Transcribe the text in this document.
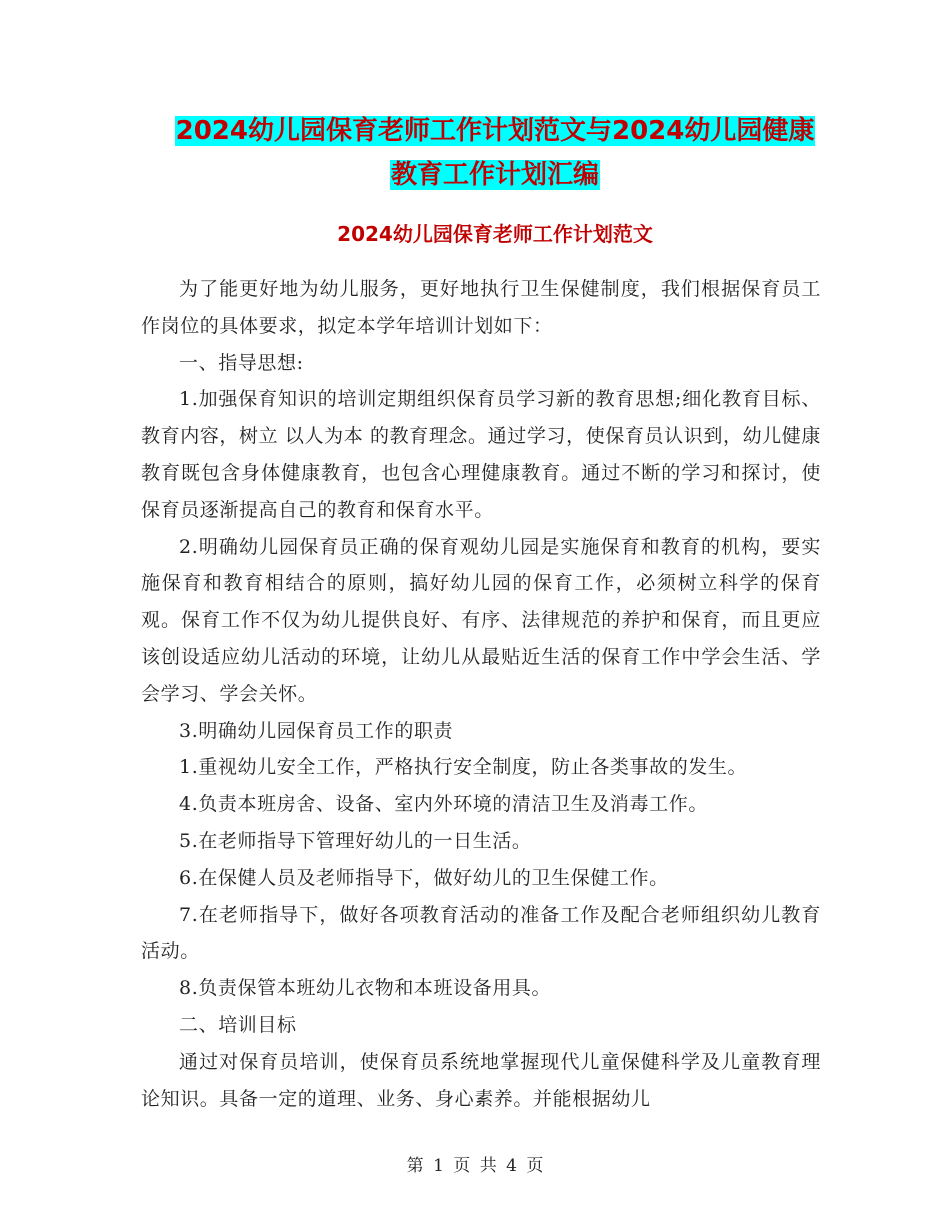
2024幼儿园保育老师工作计划范文与2024幼儿园健康
教育工作计划汇编
2024幼儿园保育老师工作计划范文

为了能更好地为幼儿服务，更好地执行卫生保健制度，我们根据保育员工作岗位的具体要求，拟定本学年培训计划如下：

一、指导思想:

1.加强保育知识的培训定期组织保育员学习新的教育思想;细化教育目标、教育内容，树立 以人为本 的教育理念。通过学习，使保育员认识到，幼儿健康教育既包含身体健康教育，也包含心理健康教育。通过不断的学习和探讨，使保育员逐渐提高自己的教育和保育水平。

2.明确幼儿园保育员正确的保育观幼儿园是实施保育和教育的机构，要实施保育和教育相结合的原则，搞好幼儿园的保育工作，必须树立科学的保育观。保育工作不仅为幼儿提供良好、有序、法律规范的养护和保育，而且更应该创设适应幼儿活动的环境，让幼儿从最贴近生活的保育工作中学会生活、学会学习、学会关怀。

3.明确幼儿园保育员工作的职责

1.重视幼儿安全工作，严格执行安全制度，防止各类事故的发生。

4.负责本班房舍、设备、室内外环境的清洁卫生及消毒工作。

5.在老师指导下管理好幼儿的一日生活。

6.在保健人员及老师指导下，做好幼儿的卫生保健工作。

7.在老师指导下，做好各项教育活动的准备工作及配合老师组织幼儿教育活动。

8.负责保管本班幼儿衣物和本班设备用具。

二、培训目标

通过对保育员培训，使保育员系统地掌握现代儿童保健科学及儿童教育理论知识。具备一定的道理、业务、身心素养。并能根据幼儿

第 1 页 共 4 页
